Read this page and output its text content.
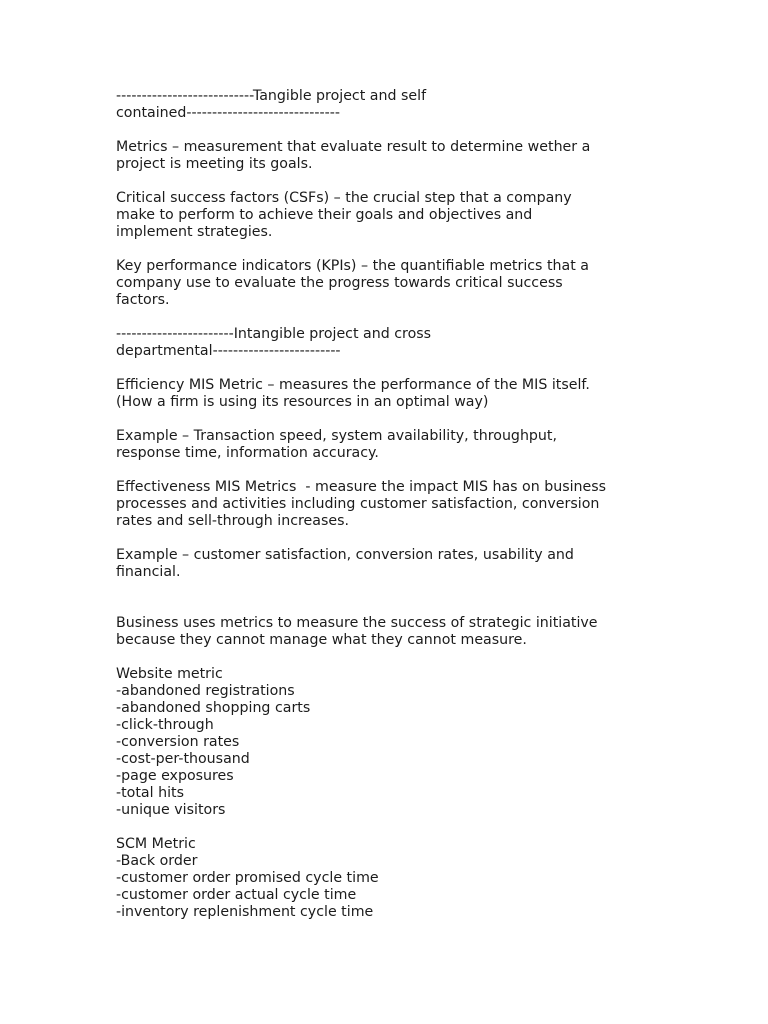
---------------------------Tangible project and self

contained------------------------------

Metrics – measurement that evaluate result to determine wether a

project is meeting its goals.

Critical success factors (CSFs) – the crucial step that a company

make to perform to achieve their goals and objectives and

implement strategies.

Key performance indicators (KPIs) – the quantifiable metrics that a

company use to evaluate the progress towards critical success

factors.

-----------------------Intangible project and cross

departmental-------------------------

Efficiency MIS Metric – measures the performance of the MIS itself.

(How a firm is using its resources in an optimal way)

Example – Transaction speed, system availability, throughput,

response time, information accuracy.

Effectiveness MIS Metrics  - measure the impact MIS has on business

processes and activities including customer satisfaction, conversion

rates and sell-through increases.

Example – customer satisfaction, conversion rates, usability and

financial.

Business uses metrics to measure the success of strategic initiative

because they cannot manage what they cannot measure.

Website metric

-abandoned registrations

-abandoned shopping carts

-click-through

-conversion rates

-cost-per-thousand

-page exposures

-total hits

-unique visitors

SCM Metric

-Back order

-customer order promised cycle time

-customer order actual cycle time

-inventory replenishment cycle time
